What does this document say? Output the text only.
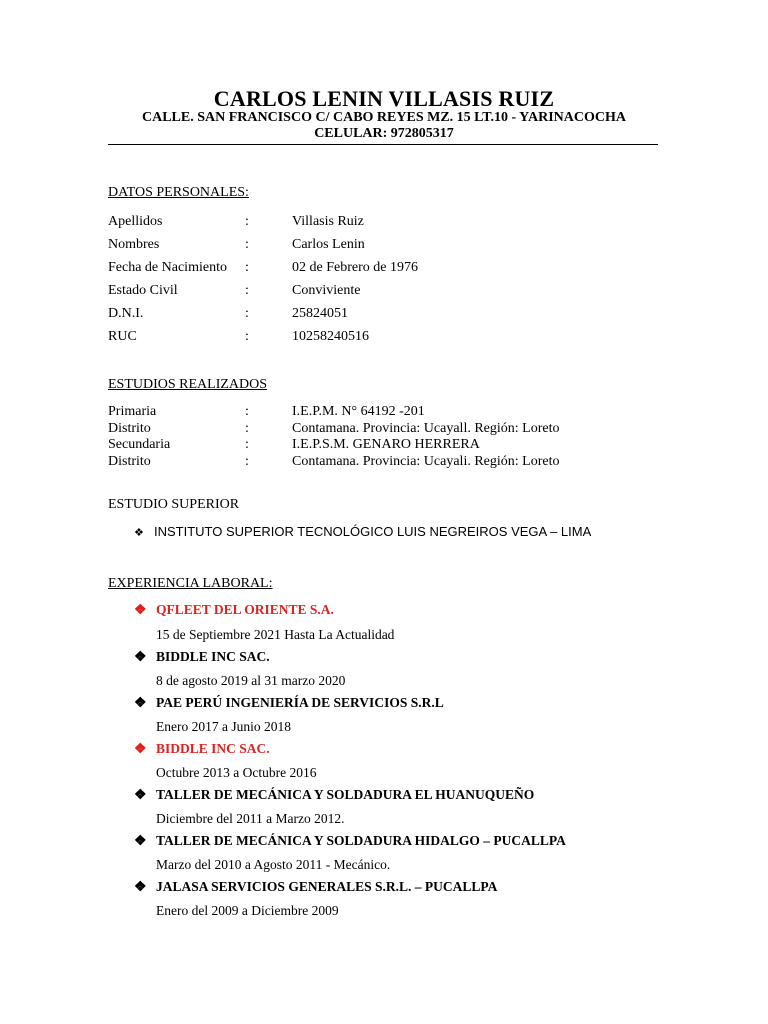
CARLOS LENIN VILLASIS RUIZ
CALLE. SAN FRANCISCO C/ CABO REYES MZ. 15 LT.10 - YARINACOCHA
CELULAR: 972805317
DATOS PERSONALES:
Apellidos	:	Villasis Ruiz
Nombres	:	Carlos Lenin
Fecha de Nacimiento :	02 de Febrero de 1976
Estado Civil	:	Conviviente
D.N.I.	:	25824051
RUC	:	10258240516
ESTUDIOS REALIZADOS
Primaria	:	I.E.P.M. N° 64192 -201
Distrito	:	Contamana. Provincia: Ucayall. Región: Loreto
Secundaria	:	I.E.P.S.M. GENARO HERRERA
Distrito	:	Contamana. Provincia: Ucayali. Región: Loreto
ESTUDIO SUPERIOR
❖ INSTITUTO SUPERIOR TECNOLÓGICO LUIS NEGREIROS VEGA – LIMA
EXPERIENCIA LABORAL:
❖ QFLEET DEL ORIENTE S.A.
15 de Septiembre 2021 Hasta La Actualidad
❖ BIDDLE INC SAC.
8 de agosto 2019 al 31 marzo 2020
❖ PAE PERÚ INGENIERÍA DE SERVICIOS S.R.L
Enero 2017 a Junio 2018
❖ BIDDLE INC SAC.
Octubre 2013 a Octubre 2016
❖ TALLER DE MECÁNICA Y SOLDADURA EL HUANUQUEÑO
Diciembre del 2011 a Marzo 2012.
❖ TALLER DE MECÁNICA Y SOLDADURA HIDALGO – PUCALLPA
Marzo del 2010 a Agosto 2011 - Mecánico.
❖ JALASA SERVICIOS GENERALES S.R.L. – PUCALLPA
Enero del 2009 a Diciembre 2009
